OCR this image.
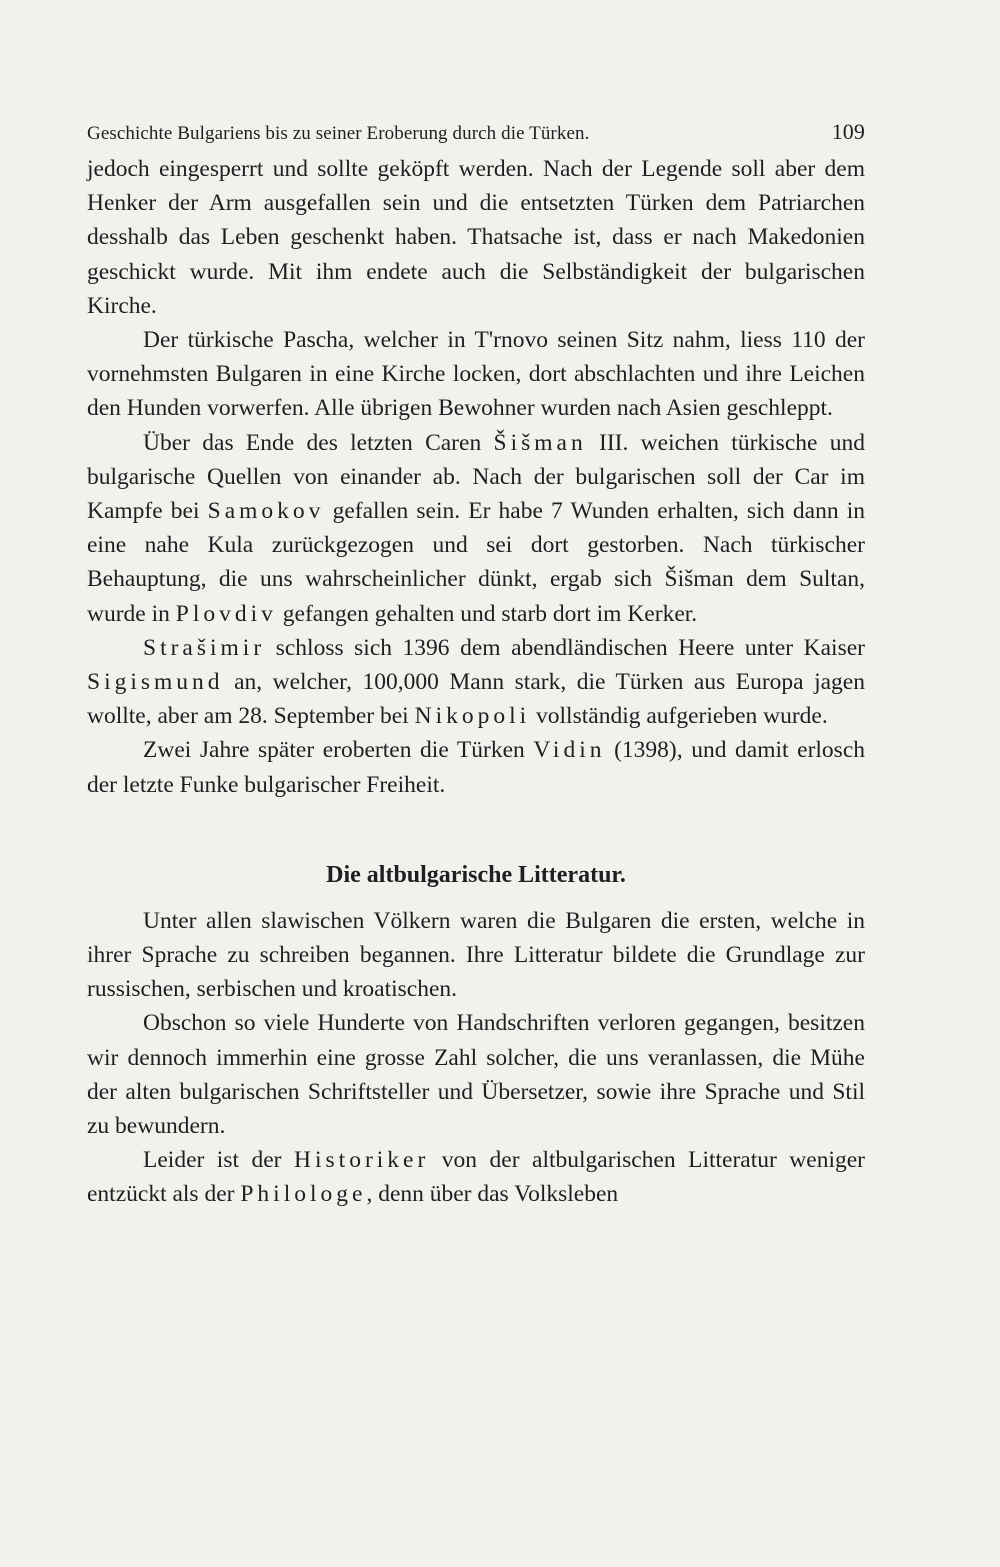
Geschichte Bulgariens bis zu seiner Eroberung durch die Türken.	109

jedoch eingesperrt und sollte geköpft werden. Nach der Legende soll aber dem Henker der Arm ausgefallen sein und die entsetzten Türken dem Patriarchen desshalb das Leben geschenkt haben. Thatsache ist, dass er nach Makedonien geschickt wurde. Mit ihm endete auch die Selbständigkeit der bulgarischen Kirche.

Der türkische Pascha, welcher in T'rnovo seinen Sitz nahm, liess 110 der vornehmsten Bulgaren in eine Kirche locken, dort abschlachten und ihre Leichen den Hunden vorwerfen. Alle übrigen Bewohner wurden nach Asien geschleppt.

Über das Ende des letzten Caren Šišman III. weichen türkische und bulgarische Quellen von einander ab. Nach der bulgarischen soll der Car im Kampfe bei Samokov gefallen sein. Er habe 7 Wunden erhalten, sich dann in eine nahe Kula zurückgezogen und sei dort gestorben. Nach türkischer Behauptung, die uns wahrscheinlicher dünkt, ergab sich Šišman dem Sultan, wurde in Plovdiv gefangen gehalten und starb dort im Kerker.

Strašimir schloss sich 1396 dem abendländischen Heere unter Kaiser Sigismund an, welcher, 100,000 Mann stark, die Türken aus Europa jagen wollte, aber am 28. September bei Nikopoli vollständig aufgerieben wurde.

Zwei Jahre später eroberten die Türken Vidin (1398), und damit erlosch der letzte Funke bulgarischer Freiheit.

Die altbulgarische Litteratur.

Unter allen slawischen Völkern waren die Bulgaren die ersten, welche in ihrer Sprache zu schreiben begannen. Ihre Litteratur bildete die Grundlage zur russischen, serbischen und kroatischen.

Obschon so viele Hunderte von Handschriften verloren gegangen, besitzen wir dennoch immerhin eine grosse Zahl solcher, die uns veranlassen, die Mühe der alten bulgarischen Schriftsteller und Übersetzer, sowie ihre Sprache und Stil zu bewundern.

Leider ist der Historiker von der altbulgarischen Litteratur weniger entzückt als der Philologe, denn über das Volksleben
